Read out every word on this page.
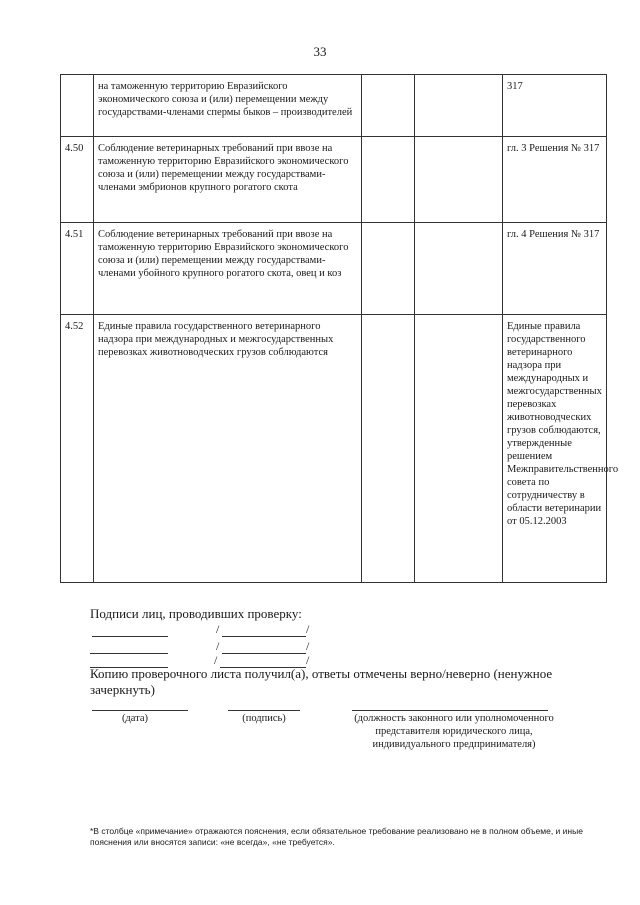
33
	на таможенную территорию Евразийского экономического союза и (или) перемещении между государствами-членами спермы быков – производителей			317
4.50	Соблюдение ветеринарных требований при ввозе на таможенную территорию Евразийского экономического союза и (или) перемещении между государствами-членами эмбрионов крупного рогатого скота			гл. 3 Решения № 317
4.51	Соблюдение ветеринарных требований при ввозе на таможенную территорию Евразийского экономического союза и (или) перемещении между государствами-членами убойного крупного рогатого скота, овец и коз			гл. 4 Решения № 317
4.52	Единые правила государственного ветеринарного надзора при международных и межгосударственных перевозках животноводческих грузов соблюдаются			Единые правила государственного ветеринарного надзора при международных и межгосударственных перевозках животноводческих грузов соблюдаются, утвержденные решением Межправительственного совета по сотрудничеству в области ветеринарии от 05.12.2003
Подписи лиц, проводивших проверку:
/	/
/	/
/	/
Копию проверочного листа получил(а), ответы отмечены верно/неверно (ненужное зачеркнуть)
(дата)	(подпись)	(должность законного или уполномоченного представителя юридического лица, индивидуального предпринимателя)
*В столбце «примечание» отражаются пояснения, если обязательное требование реализовано не в полном объеме, и иные пояснения или вносятся записи: «не всегда», «не требуется».
